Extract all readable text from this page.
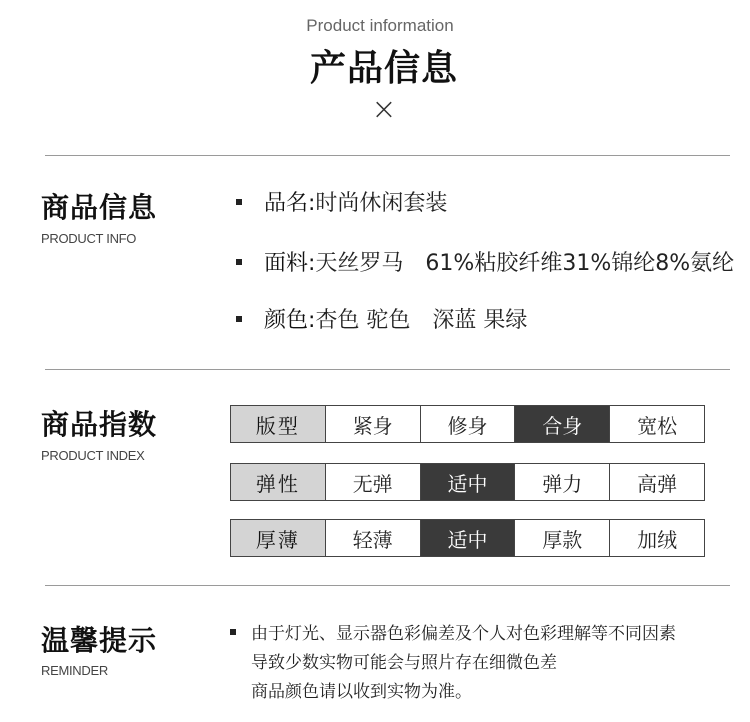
Product information
产品信息
×
商品信息
PRODUCT INFO
品名:时尚休闲套装
面料:天丝罗马　61%粘胶纤维31%锦纶8%氨纶
颜色:杏色 驼色　深蓝 果绿
商品指数
PRODUCT INDEX
版型	紧身	修身	合身	宽松
弹性	无弹	适中	弹力	高弹
厚薄	轻薄	适中	厚款	加绒
温馨提示
REMINDER
由于灯光、显示器色彩偏差及个人对色彩理解等不同因素
导致少数实物可能会与照片存在细微色差
商品颜色请以收到实物为准。
